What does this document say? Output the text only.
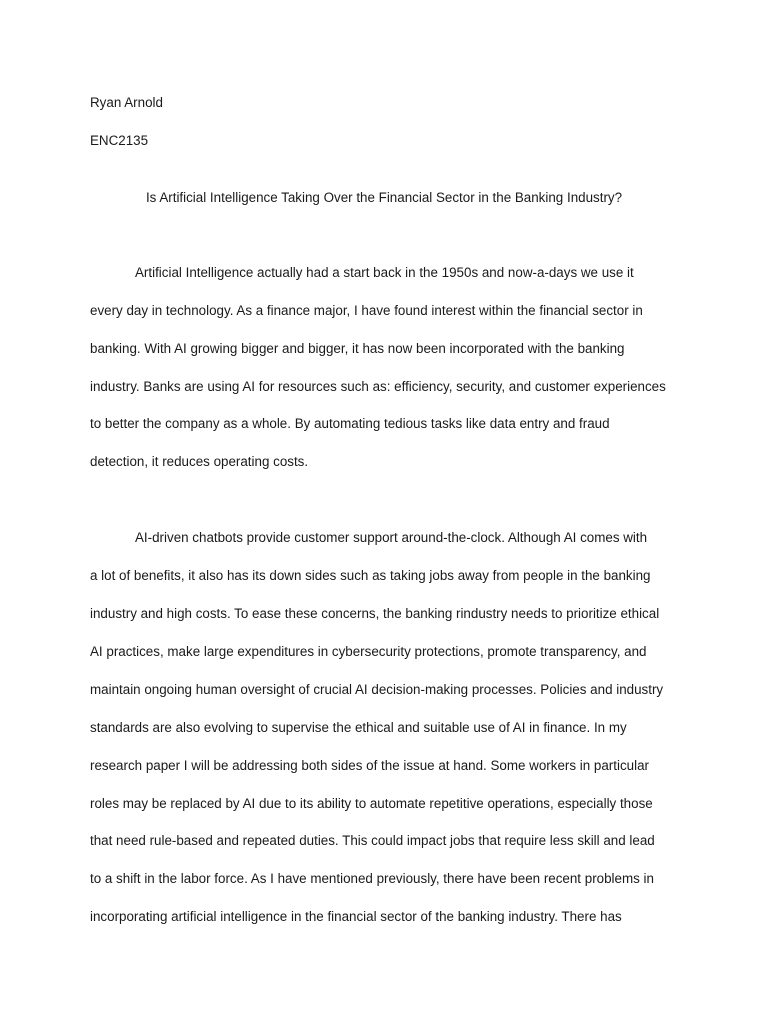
Ryan Arnold
ENC2135
Is Artificial Intelligence Taking Over the Financial Sector in the Banking Industry?
Artificial Intelligence actually had a start back in the 1950s and now-a-days we use it
every day in technology. As a finance major, I have found interest within the financial sector in
banking. With AI growing bigger and bigger, it has now been incorporated with the banking
industry. Banks are using AI for resources such as: efficiency, security, and customer experiences
to better the company as a whole. By automating tedious tasks like data entry and fraud
detection, it reduces operating costs.
AI-driven chatbots provide customer support around-the-clock. Although AI comes with
a lot of benefits, it also has its down sides such as taking jobs away from people in the banking
industry and high costs. To ease these concerns, the banking rindustry needs to prioritize ethical
AI practices, make large expenditures in cybersecurity protections, promote transparency, and
maintain ongoing human oversight of crucial AI decision-making processes. Policies and industry
standards are also evolving to supervise the ethical and suitable use of AI in finance. In my
research paper I will be addressing both sides of the issue at hand. Some workers in particular
roles may be replaced by AI due to its ability to automate repetitive operations, especially those
that need rule-based and repeated duties. This could impact jobs that require less skill and lead
to a shift in the labor force. As I have mentioned previously, there have been recent problems in
incorporating artificial intelligence in the financial sector of the banking industry. There has
